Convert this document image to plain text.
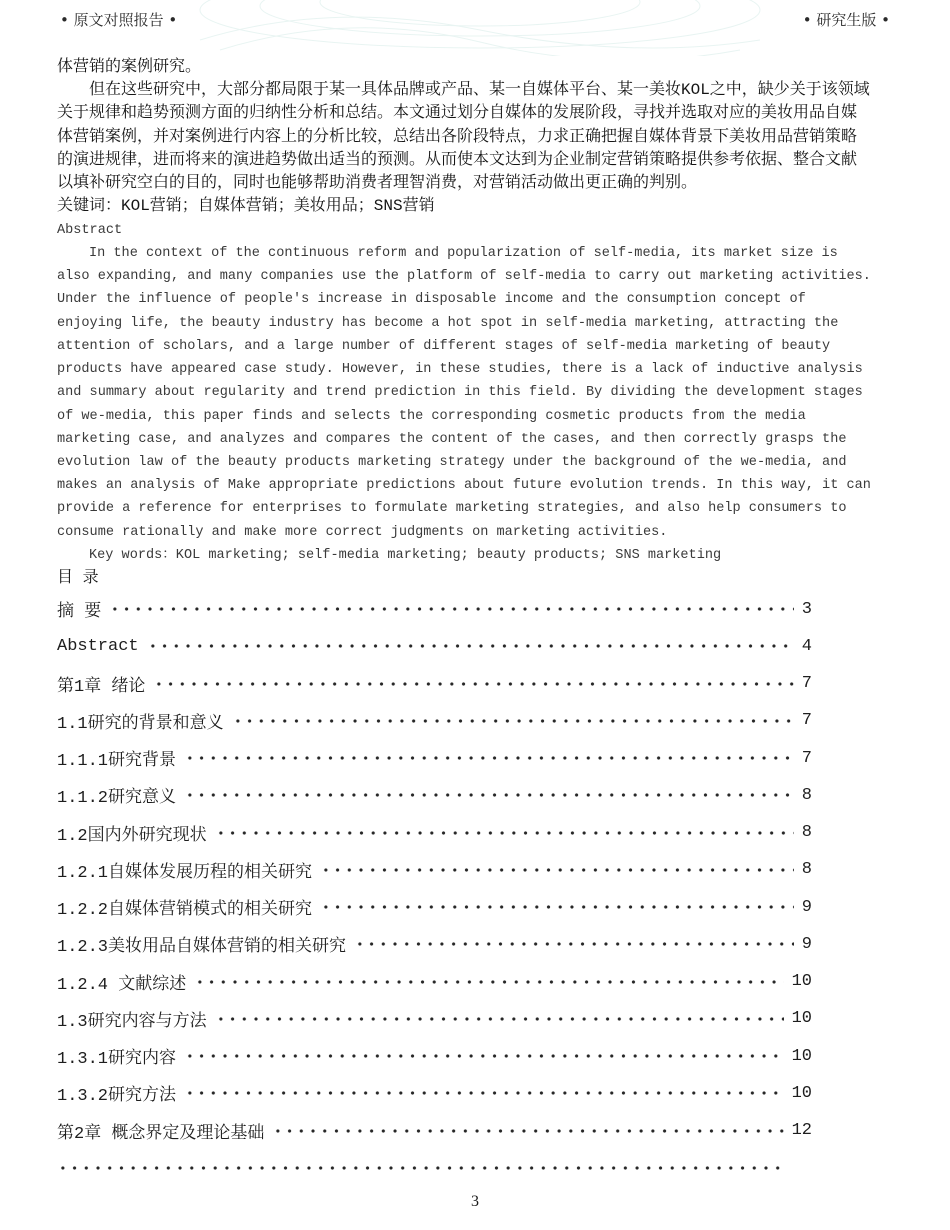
• 原文对照报告 •	• 研究生版 •
体营销的案例研究。
但在这些研究中，大部分都局限于某一具体品牌或产品、某一自媒体平台、某一美妆KOL之中，缺少关于该领域
关于规律和趋势预测方面的归纳性分析和总结。本文通过划分自媒体的发展阶段，寻找并选取对应的美妆用品自媒
体营销案例，并对案例进行内容上的分析比较，总结出各阶段特点，力求正确把握自媒体背景下美妆用品营销策略
的演进规律，进而将来的演进趋势做出适当的预测。从而使本文达到为企业制定营销策略提供参考依据、整合文献
以填补研究空白的目的，同时也能够帮助消费者理智消费，对营销活动做出更正确的判别。
关键词：KOL营销；自媒体营销；美妆用品；SNS营销
Abstract
In the context of the continuous reform and popularization of self-media, its market size is
also expanding, and many companies use the platform of self-media to carry out marketing activities.
Under the influence of people's increase in disposable income and the consumption concept of
enjoying life, the beauty industry has become a hot spot in self-media marketing, attracting the
attention of scholars, and a large number of different stages of self-media marketing of beauty
products have appeared case study. However, in these studies, there is a lack of inductive analysis
and summary about regularity and trend prediction in this field. By dividing the development stages
of we-media, this paper finds and selects the corresponding cosmetic products from the media
marketing case, and analyzes and compares the content of the cases, and then correctly grasps the
evolution law of the beauty products marketing strategy under the background of the we-media, and
makes an analysis of Make appropriate predictions about future evolution trends. In this way, it can
provide a reference for enterprises to formulate marketing strategies, and also help consumers to
consume rationally and make more correct judgments on marketing activities.
Key words：KOL marketing; self-media marketing; beauty products; SNS marketing
目 录
摘 要	3
Abstract	4
第1章 绪论	7
1.1研究的背景和意义	7
1.1.1研究背景	7
1.1.2研究意义	8
1.2国内外研究现状	8
1.2.1自媒体发展历程的相关研究	8
1.2.2自媒体营销模式的相关研究	9
1.2.3美妆用品自媒体营销的相关研究	9
1.2.4 文献综述	10
1.3研究内容与方法	10
1.3.1研究内容	10
1.3.2研究方法	10
第2章 概念界定及理论基础	12
3
